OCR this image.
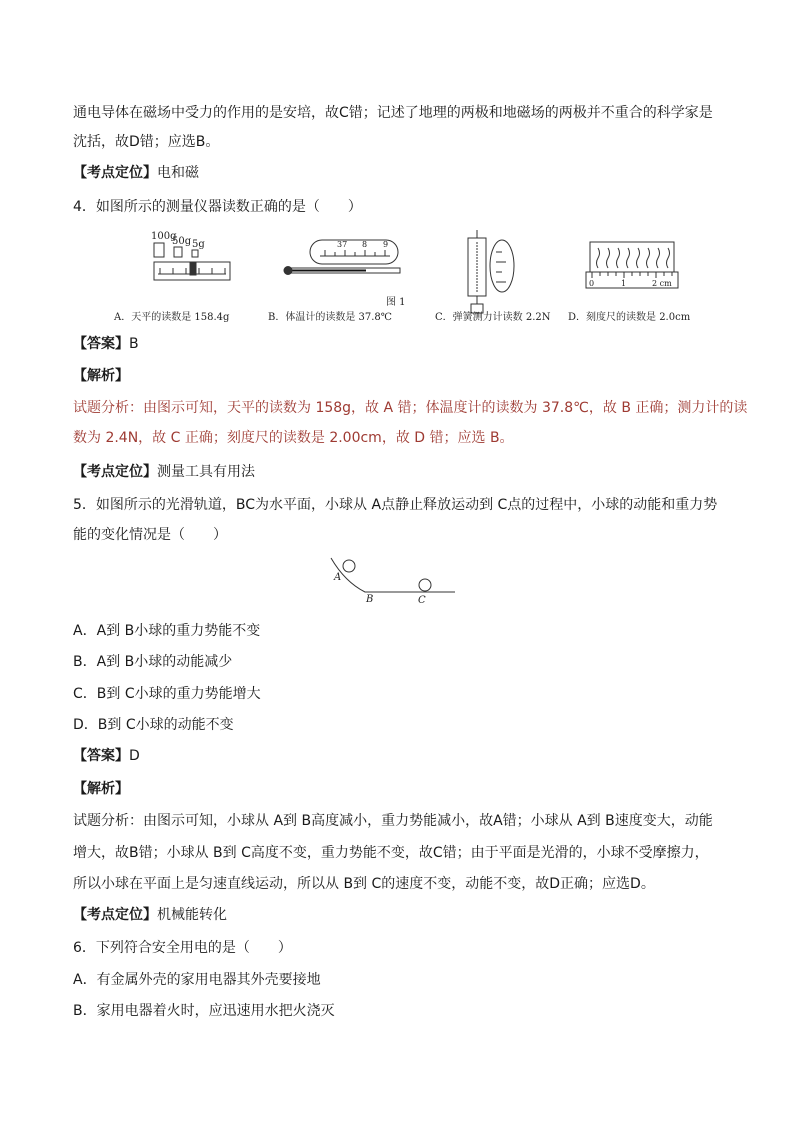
通电导体在磁场中受力的作用的是安培，故C错；记述了地理的两极和地磁场的两极并不重合的科学家是
沈括，故D错；应选B。
【考点定位】电和磁
4．如图所示的测量仪器读数正确的是（　　）
100g
50g 5g	37 8 9
0	1	2 cm
图 1
A．天平的读数是 158.4g	B．体温计的读数是 37.8℃	C．弹簧测力计读数 2.2N D．刻度尺的读数是 2.0cm
【答案】B
【解析】
试题分析：由图示可知，天平的读数为 158g，故 A 错；体温度计的读数为 37.8℃，故 B 正确；测力计的读
数为 2.4N，故 C 正确；刻度尺的读数是 2.00cm，故 D 错；应选 B。
【考点定位】测量工具有用法
5．如图所示的光滑轨道，BC为水平面，小球从 A点静止释放运动到 C点的过程中，小球的动能和重力势
能的变化情况是（　　）
A
B	C
A．A到 B小球的重力势能不变
B．A到 B小球的动能减少
C．B到 C小球的重力势能增大
D．B到 C小球的动能不变
【答案】D
【解析】
试题分析：由图示可知，小球从 A到 B高度减小，重力势能减小，故A错；小球从 A到 B速度变大，动能
增大，故B错；小球从 B到 C高度不变，重力势能不变，故C错；由于平面是光滑的，小球不受摩擦力，
所以小球在平面上是匀速直线运动，所以从 B到 C的速度不变，动能不变，故D正确；应选D。
【考点定位】机械能转化
6．下列符合安全用电的是（　　）
A．有金属外壳的家用电器其外壳要接地
B．家用电器着火时，应迅速用水把火浇灭
